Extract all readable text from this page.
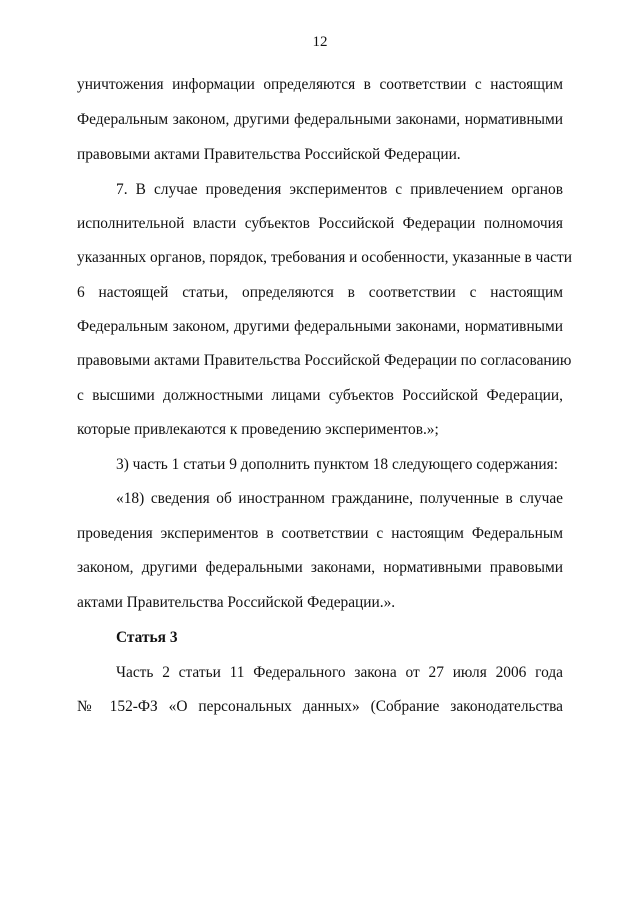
12
уничтожения информации определяются в соответствии с настоящим
Федеральным законом, другими федеральными законами, нормативными
правовыми актами Правительства Российской Федерации.
7. В случае проведения экспериментов с привлечением органов
исполнительной власти субъектов Российской Федерации полномочия
указанных органов, порядок, требования и особенности, указанные в части
6 настоящей статьи, определяются в соответствии с настоящим
Федеральным законом, другими федеральными законами, нормативными
правовыми актами Правительства Российской Федерации по согласованию
с высшими должностными лицами субъектов Российской Федерации,
которые привлекаются к проведению экспериментов.»;
3) часть 1 статьи 9 дополнить пунктом 18 следующего содержания:
«18) сведения об иностранном гражданине, полученные в случае
проведения экспериментов в соответствии с настоящим Федеральным
законом, другими федеральными законами, нормативными правовыми
актами Правительства Российской Федерации.».
Статья 3
Часть 2 статьи 11 Федерального закона от 27 июля 2006 года
№ 152-ФЗ «О персональных данных» (Собрание законодательства
